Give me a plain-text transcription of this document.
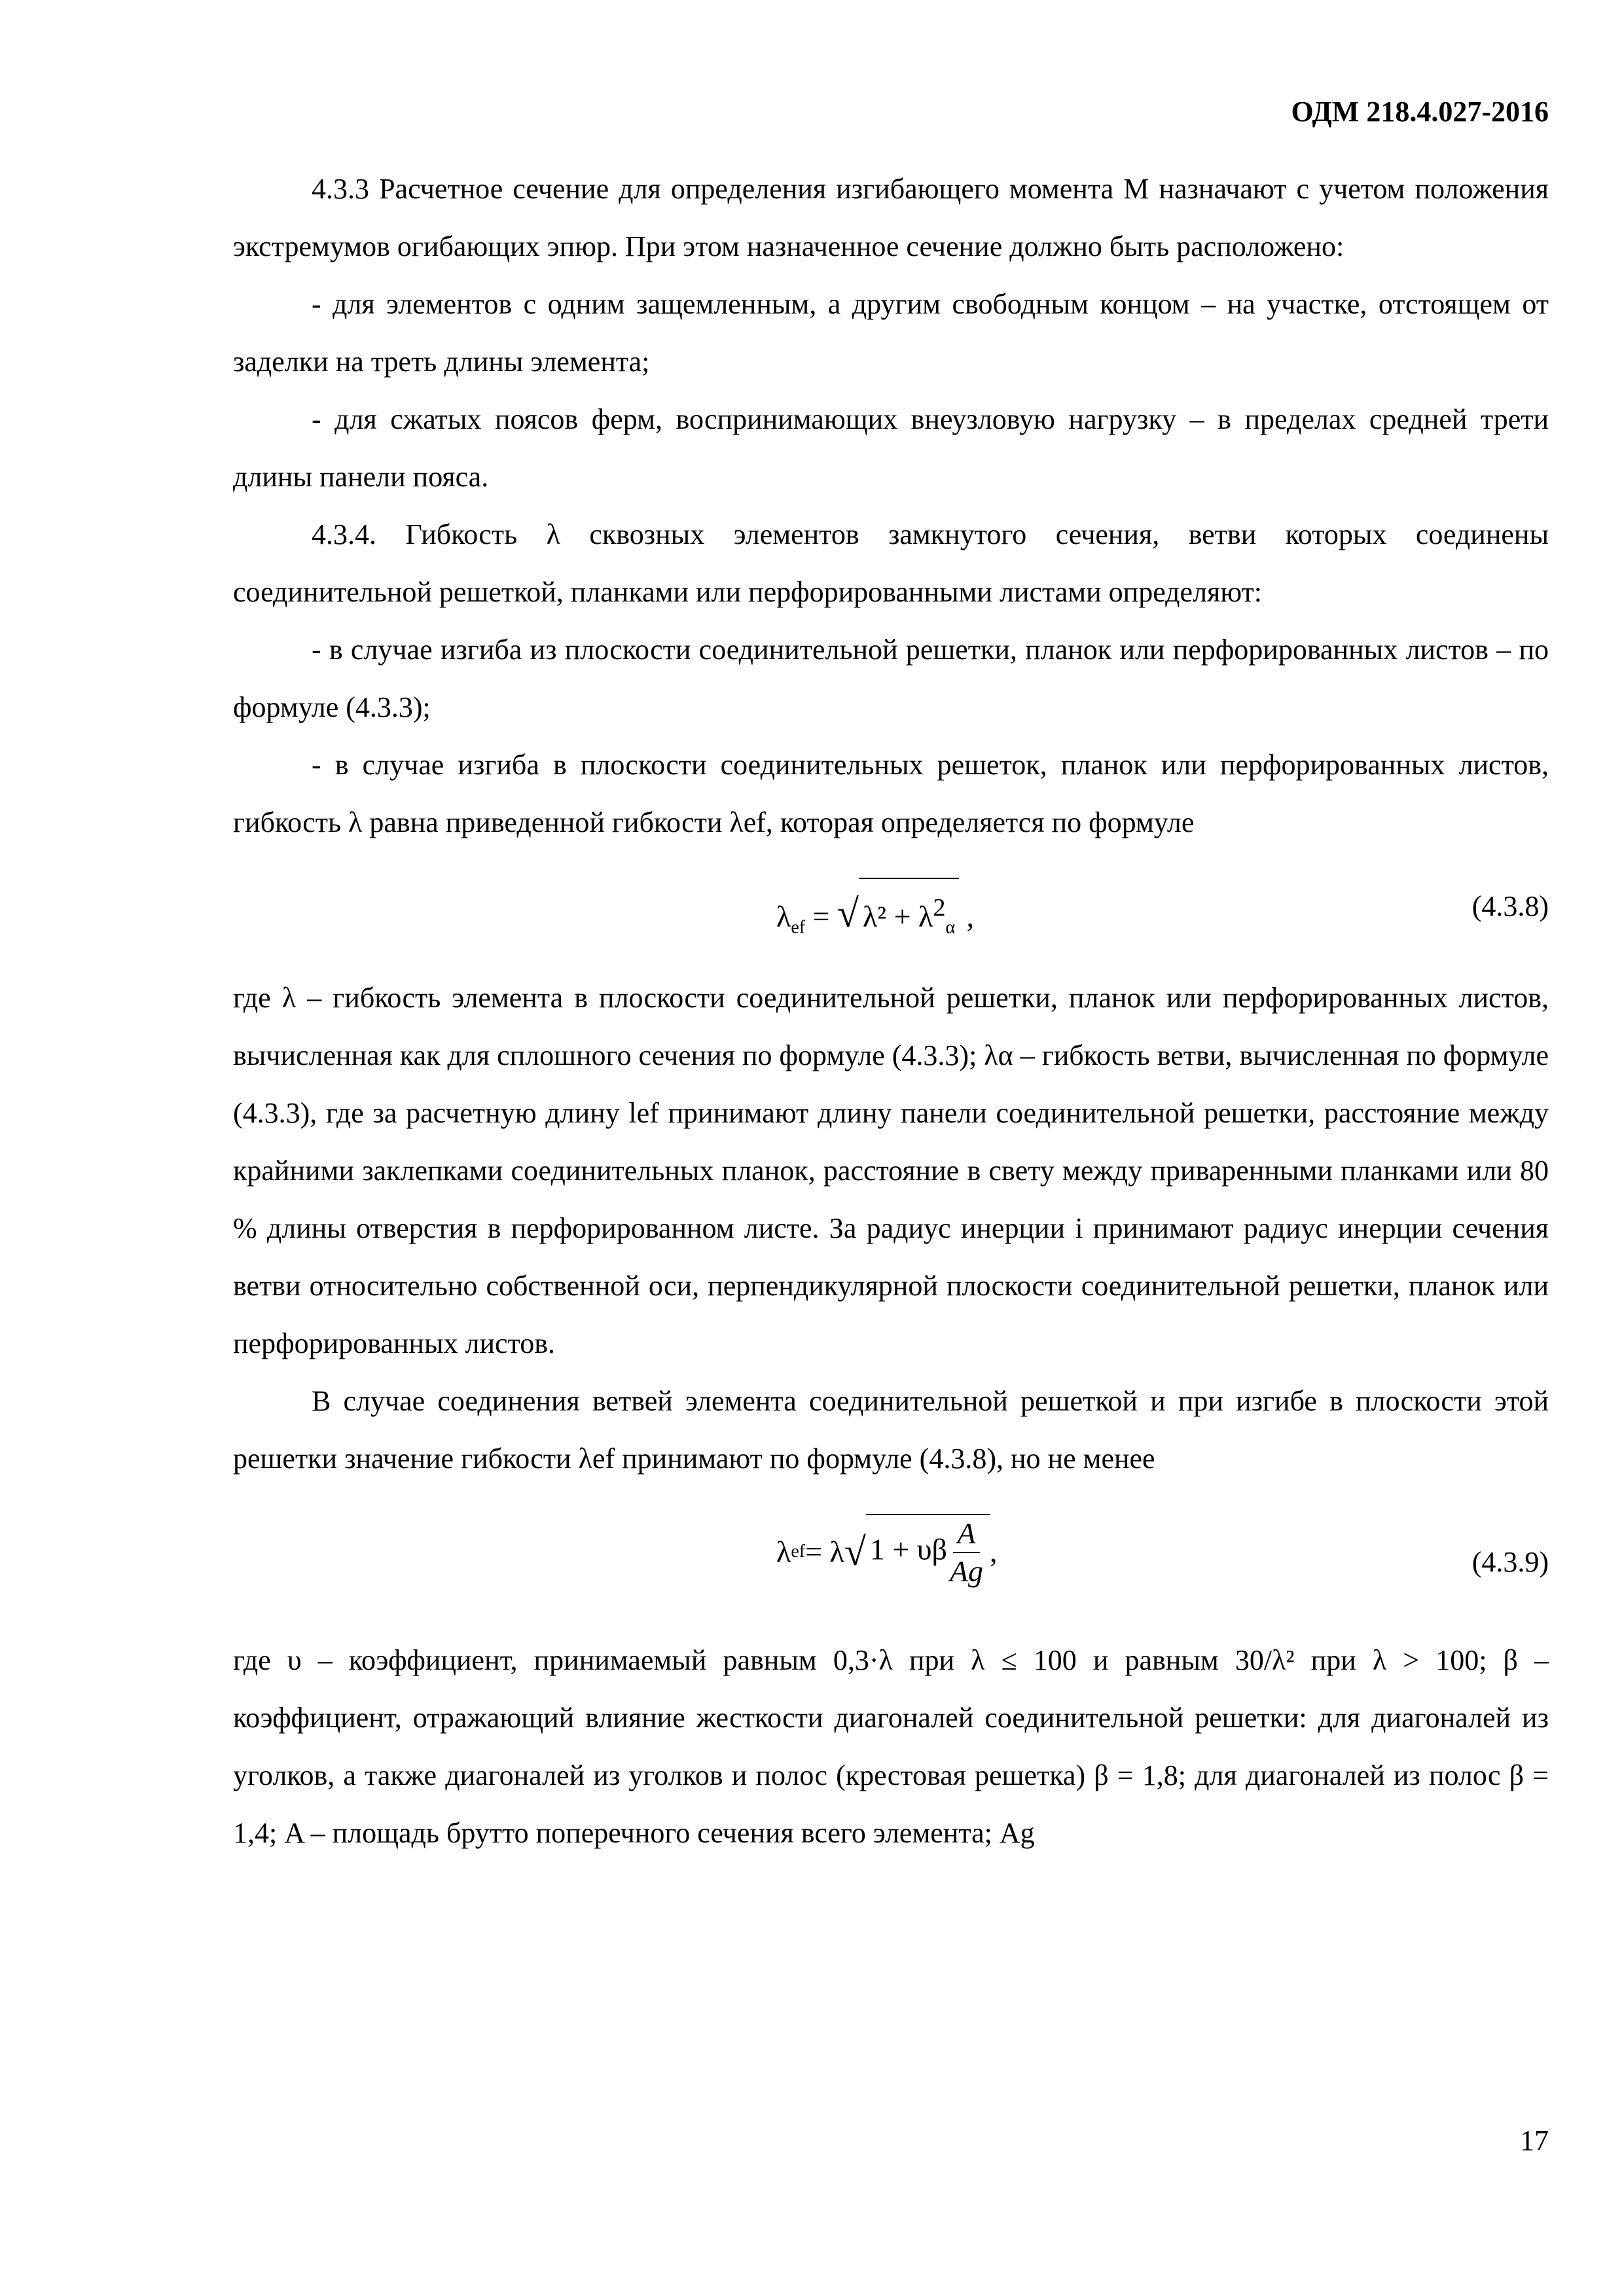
ОДМ 218.4.027-2016

4.3.3 Расчетное сечение для определения изгибающего момента M назначают с учетом положения экстремумов огибающих эпюр. При этом назначенное сечение должно быть расположено:

- для элементов с одним защемленным, а другим свободным концом – на участке, отстоящем от заделки на треть длины элемента;

- для сжатых поясов ферм, воспринимающих внеузловую нагрузку – в пределах средней трети длины панели пояса.

4.3.4. Гибкость λ сквозных элементов замкнутого сечения, ветви которых соединены соединительной решеткой, планками или перфорированными листами определяют:

- в случае изгиба из плоскости соединительной решетки, планок или перфорированных листов – по формуле (4.3.3);

- в случае изгиба в плоскости соединительных решеток, планок или перфорированных листов, гибкость λ равна приведенной гибкости λef, которая определяется по формуле

$\lambda_{ef}$ = √ $\lambda^2 + \lambda^2_\alpha$ ,	(4.3.8)

где λ – гибкость элемента в плоскости соединительной решетки, планок или перфорированных листов, вычисленная как для сплошного сечения по формуле (4.3.3); λα – гибкость ветви, вычисленная по формуле (4.3.3), где за расчетную длину lef принимают длину панели соединительной решетки, расстояние между крайними заклепками соединительных планок, расстояние в свету между приваренными планками или 80 % длины отверстия в перфорированном листе. За радиус инерции i принимают радиус инерции сечения ветви относительно собственной оси, перпендикулярной плоскости соединительной решетки, планок или перфорированных листов.

В случае соединения ветвей элемента соединительной решеткой и при изгибе в плоскости этой решетки значение гибкости λef принимают по формуле (4.3.8), но не менее

λ ef = λ √ 1 + υβ $\frac{A}{Ag}$ ,	(4.3.9)

где υ – коэффициент, принимаемый равным 0,3·λ при λ ≤ 100 и равным 30/λ² при λ > 100; β – коэффициент, отражающий влияние жесткости диагоналей соединительной решетки: для диагоналей из уголков, а также диагоналей из уголков и полос (крестовая решетка) β = 1,8; для диагоналей из полос β = 1,4; A – площадь брутто поперечного сечения всего элемента; Ag

17
